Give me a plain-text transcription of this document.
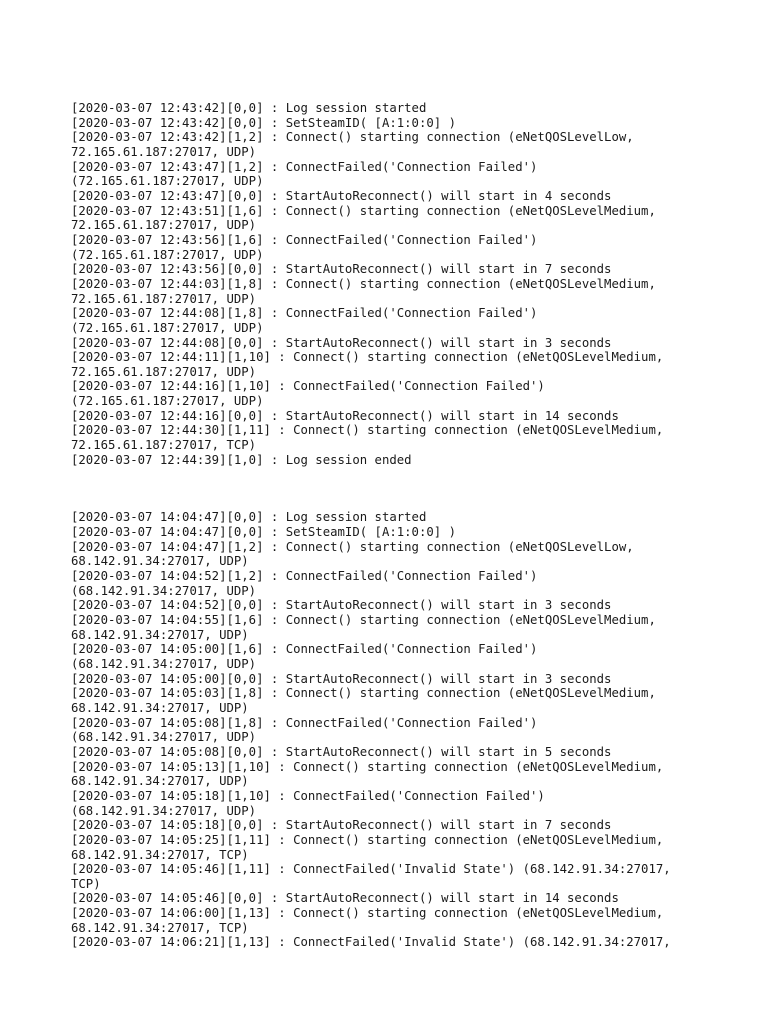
[2020-03-07 12:43:42][0,0] : Log session started

[2020-03-07 12:43:42][0,0] : SetSteamID( [A:1:0:0] )

[2020-03-07 12:43:42][1,2] : Connect() starting connection (eNetQOSLevelLow,

72.165.61.187:27017, UDP)

[2020-03-07 12:43:47][1,2] : ConnectFailed('Connection Failed')

(72.165.61.187:27017, UDP)

[2020-03-07 12:43:47][0,0] : StartAutoReconnect() will start in 4 seconds

[2020-03-07 12:43:51][1,6] : Connect() starting connection (eNetQOSLevelMedium,

72.165.61.187:27017, UDP)

[2020-03-07 12:43:56][1,6] : ConnectFailed('Connection Failed')

(72.165.61.187:27017, UDP)

[2020-03-07 12:43:56][0,0] : StartAutoReconnect() will start in 7 seconds

[2020-03-07 12:44:03][1,8] : Connect() starting connection (eNetQOSLevelMedium,

72.165.61.187:27017, UDP)

[2020-03-07 12:44:08][1,8] : ConnectFailed('Connection Failed')

(72.165.61.187:27017, UDP)

[2020-03-07 12:44:08][0,0] : StartAutoReconnect() will start in 3 seconds

[2020-03-07 12:44:11][1,10] : Connect() starting connection (eNetQOSLevelMedium,

72.165.61.187:27017, UDP)

[2020-03-07 12:44:16][1,10] : ConnectFailed('Connection Failed')

(72.165.61.187:27017, UDP)

[2020-03-07 12:44:16][0,0] : StartAutoReconnect() will start in 14 seconds

[2020-03-07 12:44:30][1,11] : Connect() starting connection (eNetQOSLevelMedium,

72.165.61.187:27017, TCP)

[2020-03-07 12:44:39][1,0] : Log session ended

[2020-03-07 14:04:47][0,0] : Log session started

[2020-03-07 14:04:47][0,0] : SetSteamID( [A:1:0:0] )

[2020-03-07 14:04:47][1,2] : Connect() starting connection (eNetQOSLevelLow,

68.142.91.34:27017, UDP)

[2020-03-07 14:04:52][1,2] : ConnectFailed('Connection Failed')

(68.142.91.34:27017, UDP)

[2020-03-07 14:04:52][0,0] : StartAutoReconnect() will start in 3 seconds

[2020-03-07 14:04:55][1,6] : Connect() starting connection (eNetQOSLevelMedium,

68.142.91.34:27017, UDP)

[2020-03-07 14:05:00][1,6] : ConnectFailed('Connection Failed')

(68.142.91.34:27017, UDP)

[2020-03-07 14:05:00][0,0] : StartAutoReconnect() will start in 3 seconds

[2020-03-07 14:05:03][1,8] : Connect() starting connection (eNetQOSLevelMedium,

68.142.91.34:27017, UDP)

[2020-03-07 14:05:08][1,8] : ConnectFailed('Connection Failed')

(68.142.91.34:27017, UDP)

[2020-03-07 14:05:08][0,0] : StartAutoReconnect() will start in 5 seconds

[2020-03-07 14:05:13][1,10] : Connect() starting connection (eNetQOSLevelMedium,

68.142.91.34:27017, UDP)

[2020-03-07 14:05:18][1,10] : ConnectFailed('Connection Failed')

(68.142.91.34:27017, UDP)

[2020-03-07 14:05:18][0,0] : StartAutoReconnect() will start in 7 seconds

[2020-03-07 14:05:25][1,11] : Connect() starting connection (eNetQOSLevelMedium,

68.142.91.34:27017, TCP)

[2020-03-07 14:05:46][1,11] : ConnectFailed('Invalid State') (68.142.91.34:27017,

TCP)

[2020-03-07 14:05:46][0,0] : StartAutoReconnect() will start in 14 seconds

[2020-03-07 14:06:00][1,13] : Connect() starting connection (eNetQOSLevelMedium,

68.142.91.34:27017, TCP)

[2020-03-07 14:06:21][1,13] : ConnectFailed('Invalid State') (68.142.91.34:27017,
